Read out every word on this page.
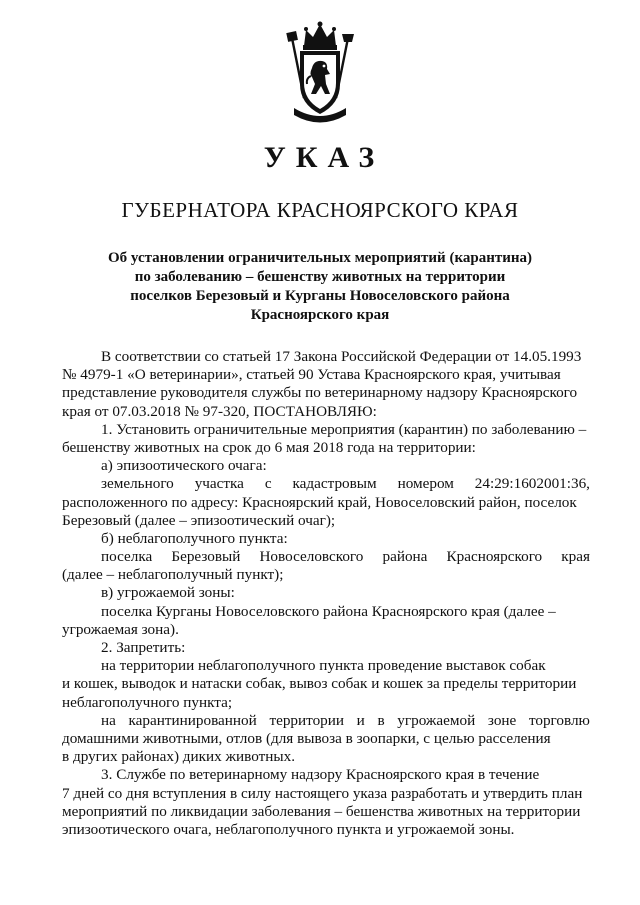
УКАЗ
ГУБЕРНАТОРА КРАСНОЯРСКОГО КРАЯ
Об установлении ограничительных мероприятий (карантина)
по заболеванию – бешенству животных на территории
поселков Березовый и Курганы Новоселовского района
Красноярского края
В соответствии со статьей 17 Закона Российской Федерации от 14.05.1993
№ 4979-1 «О ветеринарии», статьей 90 Устава Красноярского края, учитывая
представление руководителя службы по ветеринарному надзору Красноярского
края от 07.03.2018 № 97-320, ПОСТАНОВЛЯЮ:
1. Установить ограничительные мероприятия (карантин) по заболеванию –
бешенству животных на срок до 6 мая 2018 года на территории:
а) эпизоотического очага:
земельного участка с кадастровым номером 24:29:1602001:36,
расположенного по адресу: Красноярский край, Новоселовский район, поселок
Березовый (далее – эпизоотический очаг);
б) неблагополучного пункта:
поселка Березовый Новоселовского района Красноярского края
(далее – неблагополучный пункт);
в) угрожаемой зоны:
поселка Курганы Новоселовского района Красноярского края (далее –
угрожаемая зона).
2. Запретить:
на территории неблагополучного пункта проведение выставок собак
и кошек, выводок и натаски собак, вывоз собак и кошек за пределы территории
неблагополучного пункта;
на карантинированной территории и в угрожаемой зоне торговлю
домашними животными, отлов (для вывоза в зоопарки, с целью расселения
в других районах) диких животных.
3. Службе по ветеринарному надзору Красноярского края в течение
7 дней со дня вступления в силу настоящего указа разработать и утвердить план
мероприятий по ликвидации заболевания – бешенства животных на территории
эпизоотического очага, неблагополучного пункта и угрожаемой зоны.
